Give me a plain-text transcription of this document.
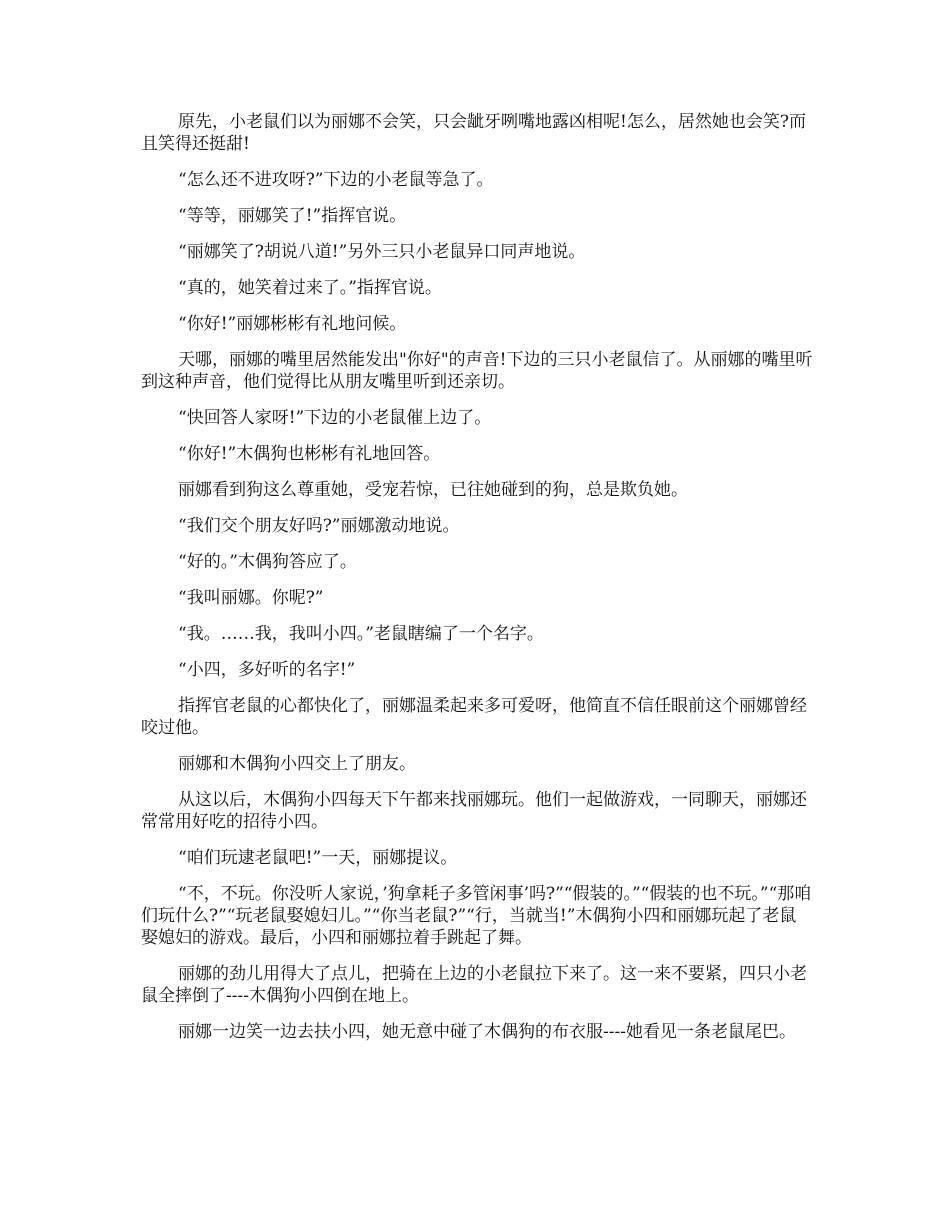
原先，小老鼠们以为丽娜不会笑，只会龇牙咧嘴地露凶相呢!怎么，居然她也会笑?而且笑得还挺甜!

“怎么还不进攻呀?”下边的小老鼠等急了。

“等等，丽娜笑了!”指挥官说。

“丽娜笑了?胡说八道!”另外三只小老鼠异口同声地说。

“真的，她笑着过来了。”指挥官说。

“你好!”丽娜彬彬有礼地问候。

天哪，丽娜的嘴里居然能发出"你好"的声音!下边的三只小老鼠信了。从丽娜的嘴里听到这种声音，他们觉得比从朋友嘴里听到还亲切。

“快回答人家呀!”下边的小老鼠催上边了。

“你好!”木偶狗也彬彬有礼地回答。

丽娜看到狗这么尊重她，受宠若惊，已往她碰到的狗，总是欺负她。

“我们交个朋友好吗?”丽娜激动地说。

“好的。”木偶狗答应了。

“我叫丽娜。你呢?”

“我。……我，我叫小四。”老鼠瞎编了一个名字。

“小四，多好听的名字!”

指挥官老鼠的心都快化了，丽娜温柔起来多可爱呀，他简直不信任眼前这个丽娜曾经咬过他。

丽娜和木偶狗小四交上了朋友。

从这以后，木偶狗小四每天下午都来找丽娜玩。他们一起做游戏，一同聊天，丽娜还常常用好吃的招待小四。

“咱们玩逮老鼠吧!”一天，丽娜提议。

“不，不玩。你没听人家说，’狗拿耗子多管闲事’吗?”“假装的。”“假装的也不玩。”“那咱们玩什么?”“玩老鼠娶媳妇儿。”“你当老鼠?”“行，当就当!”木偶狗小四和丽娜玩起了老鼠娶媳妇的游戏。最后，小四和丽娜拉着手跳起了舞。

丽娜的劲儿用得大了点儿，把骑在上边的小老鼠拉下来了。这一来不要紧，四只小老鼠全摔倒了----木偶狗小四倒在地上。

丽娜一边笑一边去扶小四，她无意中碰了木偶狗的布衣服----她看见一条老鼠尾巴。
